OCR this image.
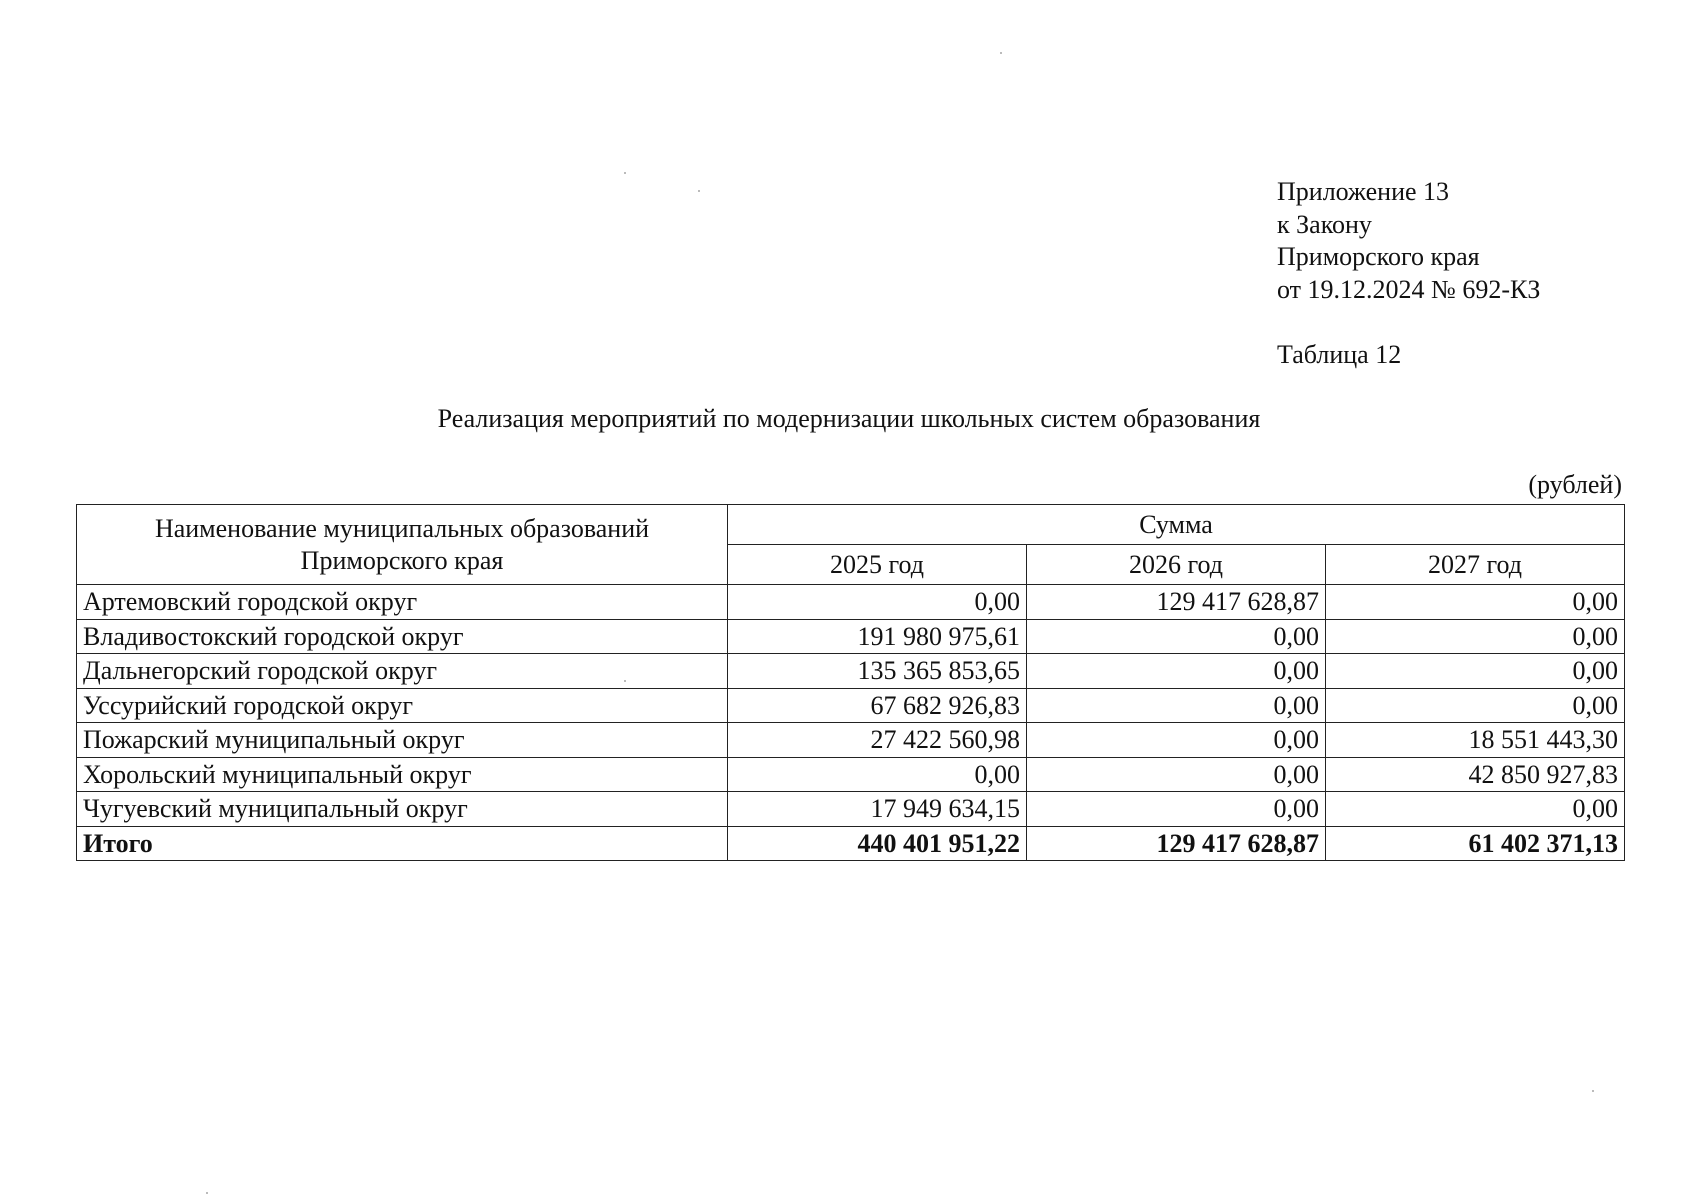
Приложение 13
к Закону
Приморского края
от 19.12.2024 № 692-КЗ
Таблица 12
Реализация мероприятий по модернизации школьных систем образования
(рублей)
Наименование муниципальных образований
Приморского края	Сумма		
	2025 год	2026 год	2027 год
Артемовский городской округ	0,00	129 417 628,87	0,00
Владивостокский городской округ	191 980 975,61	0,00	0,00
Дальнегорский городской округ	135 365 853,65	0,00	0,00
Уссурийский городской округ	67 682 926,83	0,00	0,00
Пожарский муниципальный округ	27 422 560,98	0,00	18 551 443,30
Хорольский муниципальный округ	0,00	0,00	42 850 927,83
Чугуевский муниципальный округ	17 949 634,15	0,00	0,00
Итого	440 401 951,22	129 417 628,87	61 402 371,13
